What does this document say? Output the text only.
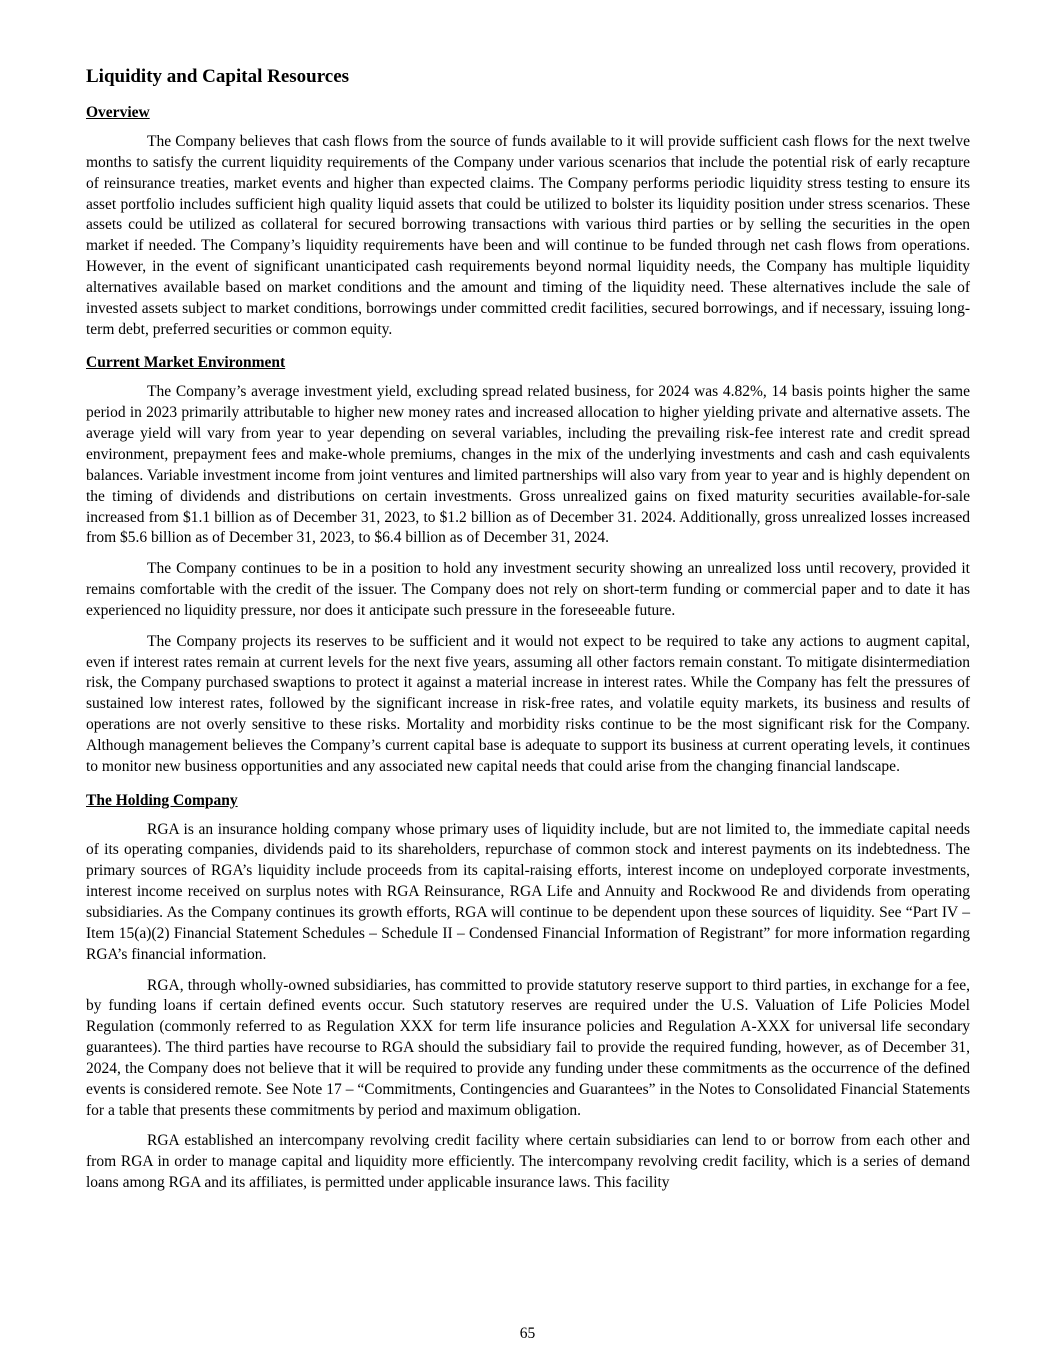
Liquidity and Capital Resources
Overview

The Company believes that cash flows from the source of funds available to it will provide sufficient cash flows for the next twelve months to satisfy the current liquidity requirements of the Company under various scenarios that include the potential risk of early recapture of reinsurance treaties, market events and higher than expected claims. The Company performs periodic liquidity stress testing to ensure its asset portfolio includes sufficient high quality liquid assets that could be utilized to bolster its liquidity position under stress scenarios. These assets could be utilized as collateral for secured borrowing transactions with various third parties or by selling the securities in the open market if needed. The Company’s liquidity requirements have been and will continue to be funded through net cash flows from operations. However, in the event of significant unanticipated cash requirements beyond normal liquidity needs, the Company has multiple liquidity alternatives available based on market conditions and the amount and timing of the liquidity need. These alternatives include the sale of invested assets subject to market conditions, borrowings under committed credit facilities, secured borrowings, and if necessary, issuing long-term debt, preferred securities or common equity.

Current Market Environment

The Company’s average investment yield, excluding spread related business, for 2024 was 4.82%, 14 basis points higher the same period in 2023 primarily attributable to higher new money rates and increased allocation to higher yielding private and alternative assets. The average yield will vary from year to year depending on several variables, including the prevailing risk-fee interest rate and credit spread environment, prepayment fees and make-whole premiums, changes in the mix of the underlying investments and cash and cash equivalents balances. Variable investment income from joint ventures and limited partnerships will also vary from year to year and is highly dependent on the timing of dividends and distributions on certain investments. Gross unrealized gains on fixed maturity securities available-for-sale increased from $1.1 billion as of December 31, 2023, to $1.2 billion as of December 31. 2024. Additionally, gross unrealized losses increased from $5.6 billion as of December 31, 2023, to $6.4 billion as of December 31, 2024.

The Company continues to be in a position to hold any investment security showing an unrealized loss until recovery, provided it remains comfortable with the credit of the issuer. The Company does not rely on short-term funding or commercial paper and to date it has experienced no liquidity pressure, nor does it anticipate such pressure in the foreseeable future.

The Company projects its reserves to be sufficient and it would not expect to be required to take any actions to augment capital, even if interest rates remain at current levels for the next five years, assuming all other factors remain constant. To mitigate disintermediation risk, the Company purchased swaptions to protect it against a material increase in interest rates. While the Company has felt the pressures of sustained low interest rates, followed by the significant increase in risk-free rates, and volatile equity markets, its business and results of operations are not overly sensitive to these risks. Mortality and morbidity risks continue to be the most significant risk for the Company. Although management believes the Company’s current capital base is adequate to support its business at current operating levels, it continues to monitor new business opportunities and any associated new capital needs that could arise from the changing financial landscape.

The Holding Company

RGA is an insurance holding company whose primary uses of liquidity include, but are not limited to, the immediate capital needs of its operating companies, dividends paid to its shareholders, repurchase of common stock and interest payments on its indebtedness. The primary sources of RGA’s liquidity include proceeds from its capital-raising efforts, interest income on undeployed corporate investments, interest income received on surplus notes with RGA Reinsurance, RGA Life and Annuity and Rockwood Re and dividends from operating subsidiaries. As the Company continues its growth efforts, RGA will continue to be dependent upon these sources of liquidity. See “Part IV – Item 15(a)(2) Financial Statement Schedules – Schedule II – Condensed Financial Information of Registrant” for more information regarding RGA’s financial information.

RGA, through wholly-owned subsidiaries, has committed to provide statutory reserve support to third parties, in exchange for a fee, by funding loans if certain defined events occur. Such statutory reserves are required under the U.S. Valuation of Life Policies Model Regulation (commonly referred to as Regulation XXX for term life insurance policies and Regulation A-XXX for universal life secondary guarantees). The third parties have recourse to RGA should the subsidiary fail to provide the required funding, however, as of December 31, 2024, the Company does not believe that it will be required to provide any funding under these commitments as the occurrence of the defined events is considered remote. See Note 17 – “Commitments, Contingencies and Guarantees” in the Notes to Consolidated Financial Statements for a table that presents these commitments by period and maximum obligation.

RGA established an intercompany revolving credit facility where certain subsidiaries can lend to or borrow from each other and from RGA in order to manage capital and liquidity more efficiently. The intercompany revolving credit facility, which is a series of demand loans among RGA and its affiliates, is permitted under applicable insurance laws. This facility

65
